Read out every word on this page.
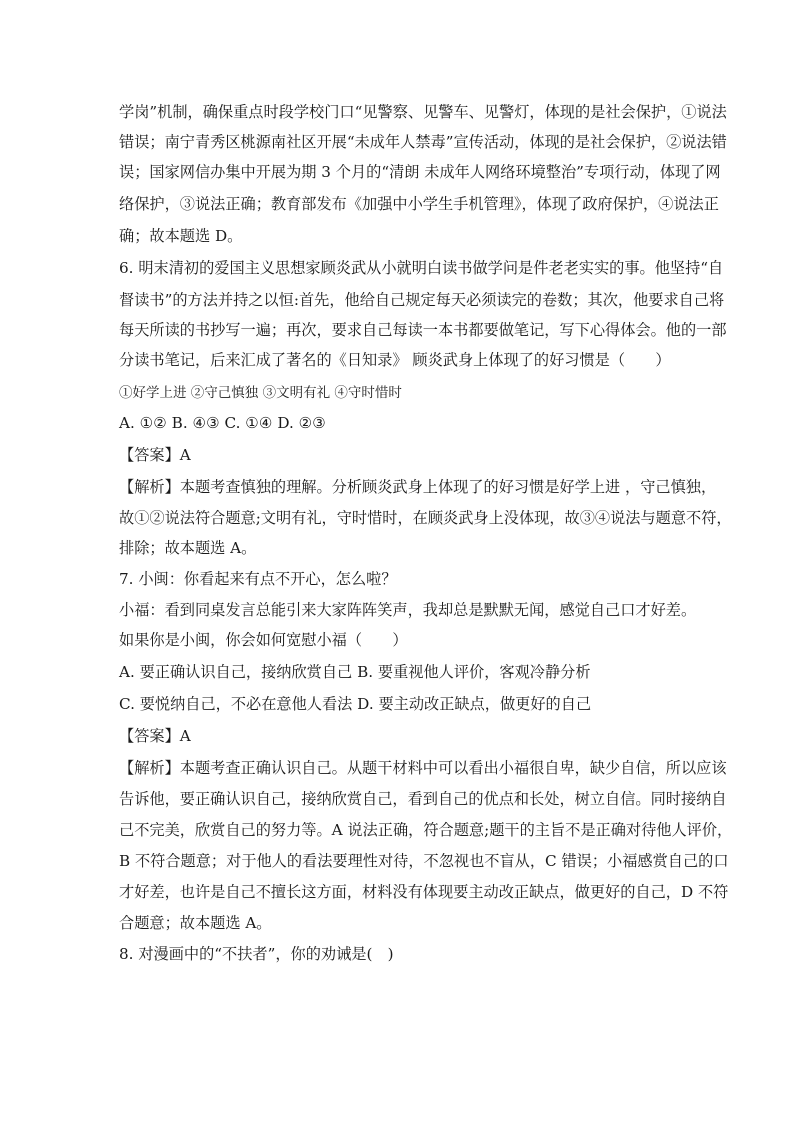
学岗”机制，确保重点时段学校门口“见警察、见警车、见警灯，体现的是社会保护，①说法
错误；南宁青秀区桃源南社区开展“未成年人禁毒”宣传活动，体现的是社会保护，②说法错
误；国家网信办集中开展为期 3 个月的“清朗 未成年人网络环境整治”专项行动，体现了网
络保护，③说法正确；教育部发布《加强中小学生手机管理》，体现了政府保护，④说法正
确；故本题选 D。
6. 明末清初的爱国主义思想家顾炎武从小就明白读书做学问是件老老实实的事。他坚持“自
督读书”的方法并持之以恒:首先，他给自己规定每天必须读完的卷数；其次，他要求自己将
每天所读的书抄写一遍；再次，要求自己每读一本书都要做笔记，写下心得体会。他的一部
分读书笔记，后来汇成了著名的《日知录》 顾炎武身上体现了的好习惯是（　　）
①好学上进 ②守己慎独 ③文明有礼 ④守时惜时
A. ①② B. ④③ C. ①④ D. ②③
【答案】A
【解析】本题考查慎独的理解。分析顾炎武身上体现了的好习惯是好学上进 ，守己慎独，
故①②说法符合题意;文明有礼，守时惜时，在顾炎武身上没体现，故③④说法与题意不符，
排除；故本题选 A。
7. 小闽：你看起来有点不开心，怎么啦？
小福：看到同桌发言总能引来大家阵阵笑声，我却总是默默无闻，感觉自己口才好差。
如果你是小闽，你会如何宽慰小福（　　）
A. 要正确认识自己，接纳欣赏自己 B. 要重视他人评价，客观冷静分析
C. 要悦纳自己，不必在意他人看法 D. 要主动改正缺点，做更好的自己
【答案】A
【解析】本题考查正确认识自己。从题干材料中可以看出小福很自卑，缺少自信，所以应该
告诉他，要正确认识自己，接纳欣赏自己，看到自己的优点和长处，树立自信。同时接纳自
己不完美，欣赏自己的努力等。A 说法正确，符合题意;题干的主旨不是正确对待他人评价，
B 不符合题意；对于他人的看法要理性对待，不忽视也不盲从，C 错误；小福感赏自己的口
才好差，也许是自己不擅长这方面，材料没有体现要主动改正缺点，做更好的自己，D 不符
合题意；故本题选 A。
8. 对漫画中的“不扶者”，你的劝诫是(　)
